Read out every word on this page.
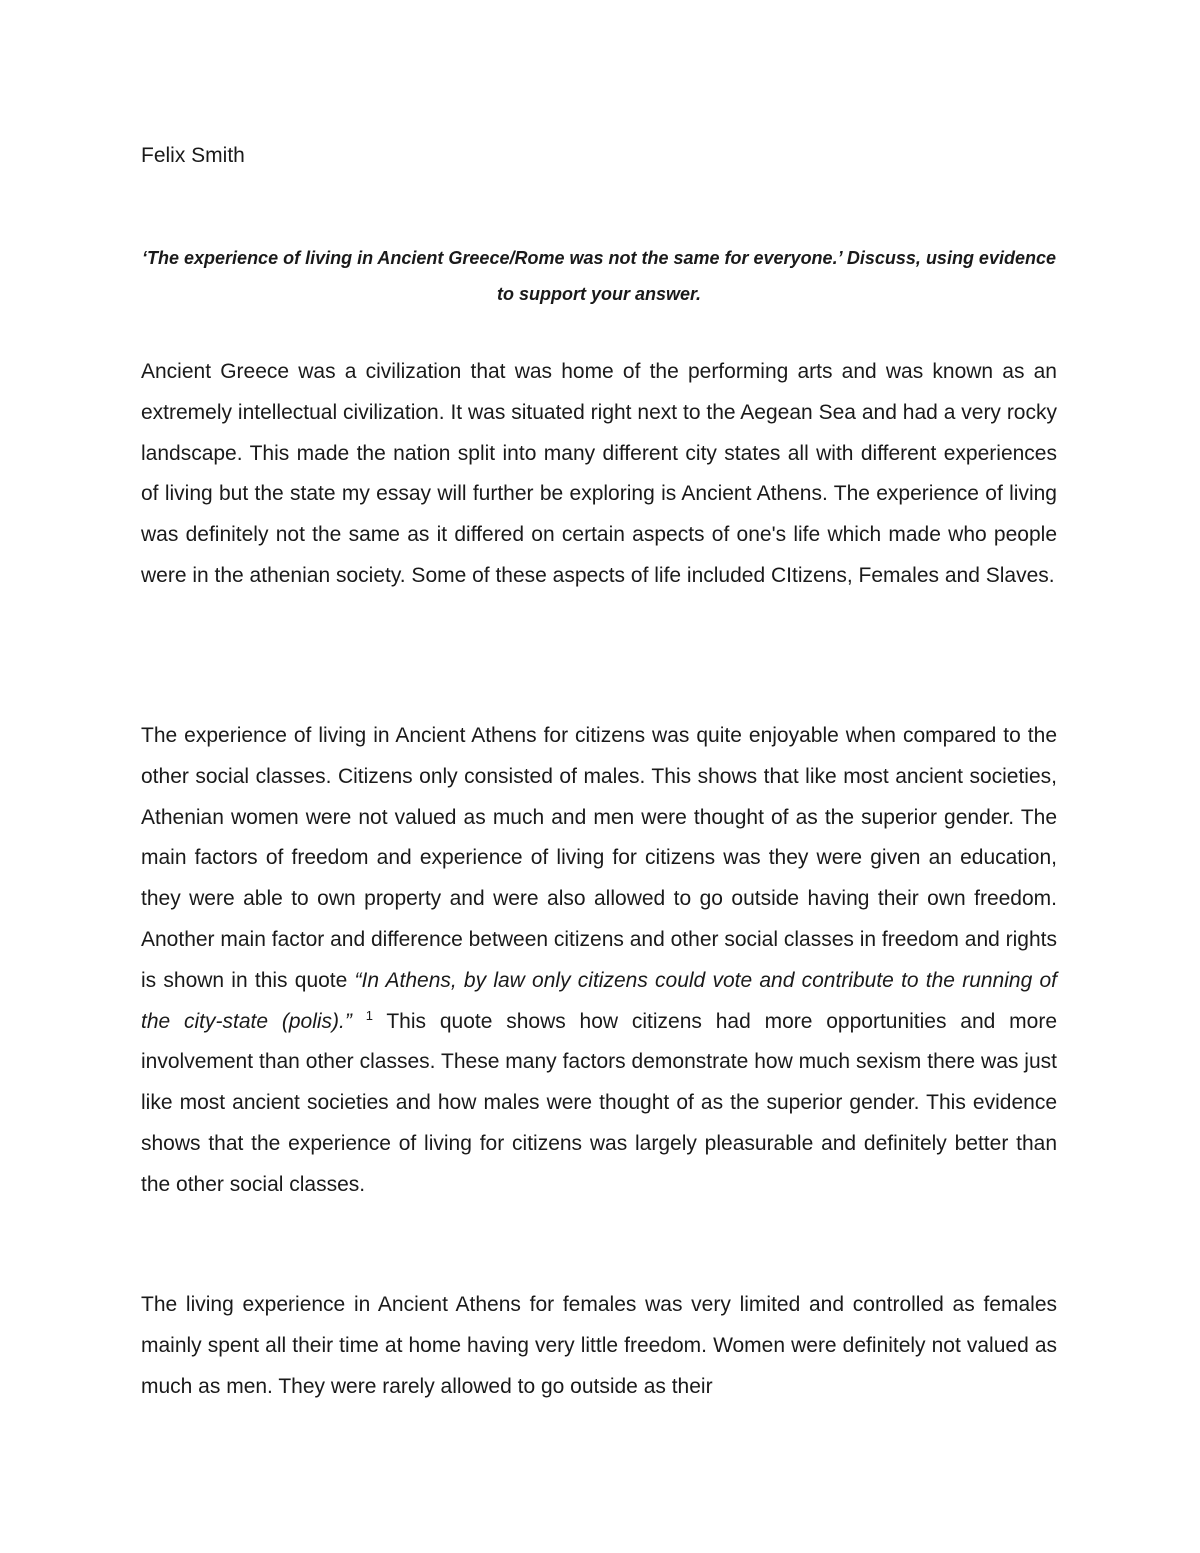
Felix Smith

‘The experience of living in Ancient Greece/Rome was not the same for everyone.’ Discuss, using evidence to support your answer.

Ancient Greece was a civilization that was home of the performing arts and was known as an extremely intellectual civilization. It was situated right next to the Aegean Sea and had a very rocky landscape. This made the nation split into many different city states all with different experiences of living but the state my essay will further be exploring is Ancient Athens. The experience of living was definitely not the same as it differed on certain aspects of one's life which made who people were in the athenian society. Some of these aspects of life included CItizens, Females and Slaves.

The experience of living in Ancient Athens for citizens was quite enjoyable when compared to the other social classes. Citizens only consisted of males. This shows that like most ancient societies, Athenian women were not valued as much and men were thought of as the superior gender. The main factors of freedom and experience of living for citizens was they were given an education, they were able to own property and were also allowed to go outside having their own freedom. Another main factor and difference between citizens and other social classes in freedom and rights is shown in this quote “In Athens, by law only citizens could vote and contribute to the running of the city-state (polis).” $^1$ This quote shows how citizens had more opportunities and more involvement than other classes. These many factors demonstrate how much sexism there was just like most ancient societies and how males were thought of as the superior gender. This evidence shows that the experience of living for citizens was largely pleasurable and definitely better than the other social classes.

The living experience in Ancient Athens for females was very limited and controlled as females mainly spent all their time at home having very little freedom. Women were definitely not valued as much as men. They were rarely allowed to go outside as their
